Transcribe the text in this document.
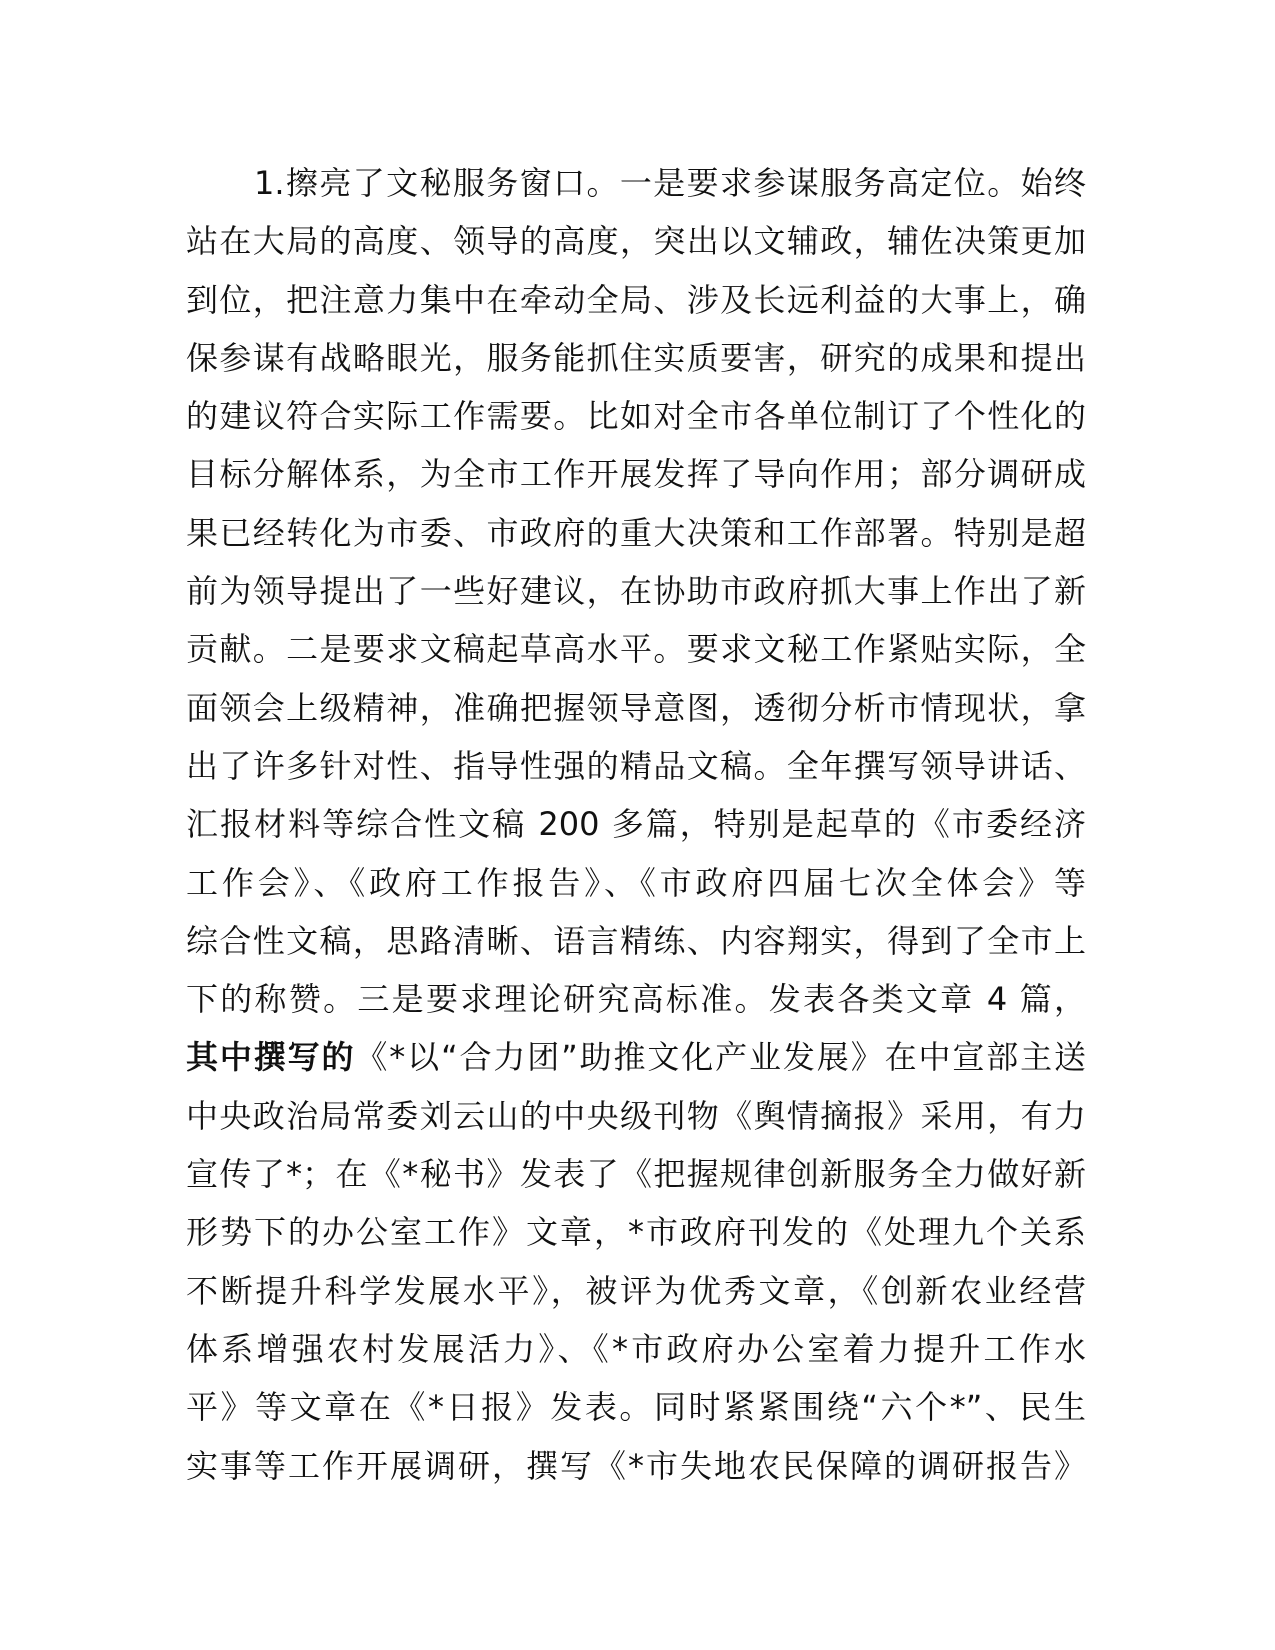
1.擦亮了文秘服务窗口。一是要求参谋服务高定位。始终
站在大局的高度、领导的高度，突出以文辅政，辅佐决策更加
到位，把注意力集中在牵动全局、涉及长远利益的大事上，确
保参谋有战略眼光，服务能抓住实质要害，研究的成果和提出
的建议符合实际工作需要。比如对全市各单位制订了个性化的
目标分解体系，为全市工作开展发挥了导向作用；部分调研成
果已经转化为市委、市政府的重大决策和工作部署。特别是超
前为领导提出了一些好建议，在协助市政府抓大事上作出了新
贡献。二是要求文稿起草高水平。要求文秘工作紧贴实际，全
面领会上级精神，准确把握领导意图，透彻分析市情现状，拿
出了许多针对性、指导性强的精品文稿。全年撰写领导讲话、
汇报材料等综合性文稿 200 多篇，特别是起草的《市委经济
工作会》、《政府工作报告》、《市政府四届七次全体会》等
综合性文稿，思路清晰、语言精练、内容翔实，得到了全市上
下的称赞。三是要求理论研究高标准。发表各类文章 4 篇，
其中撰写的《*以“合力团”助推文化产业发展》在中宣部主送
中央政治局常委刘云山的中央级刊物《舆情摘报》采用，有力
宣传了*；在《*秘书》发表了《把握规律创新服务全力做好新
形势下的办公室工作》文章，*市政府刊发的《处理九个关系
不断提升科学发展水平》，被评为优秀文章，《创新农业经营
体系增强农村发展活力》、《*市政府办公室着力提升工作水
平》等文章在《*日报》发表。同时紧紧围绕“六个*”、民生
实事等工作开展调研，撰写《*市失地农民保障的调研报告》
